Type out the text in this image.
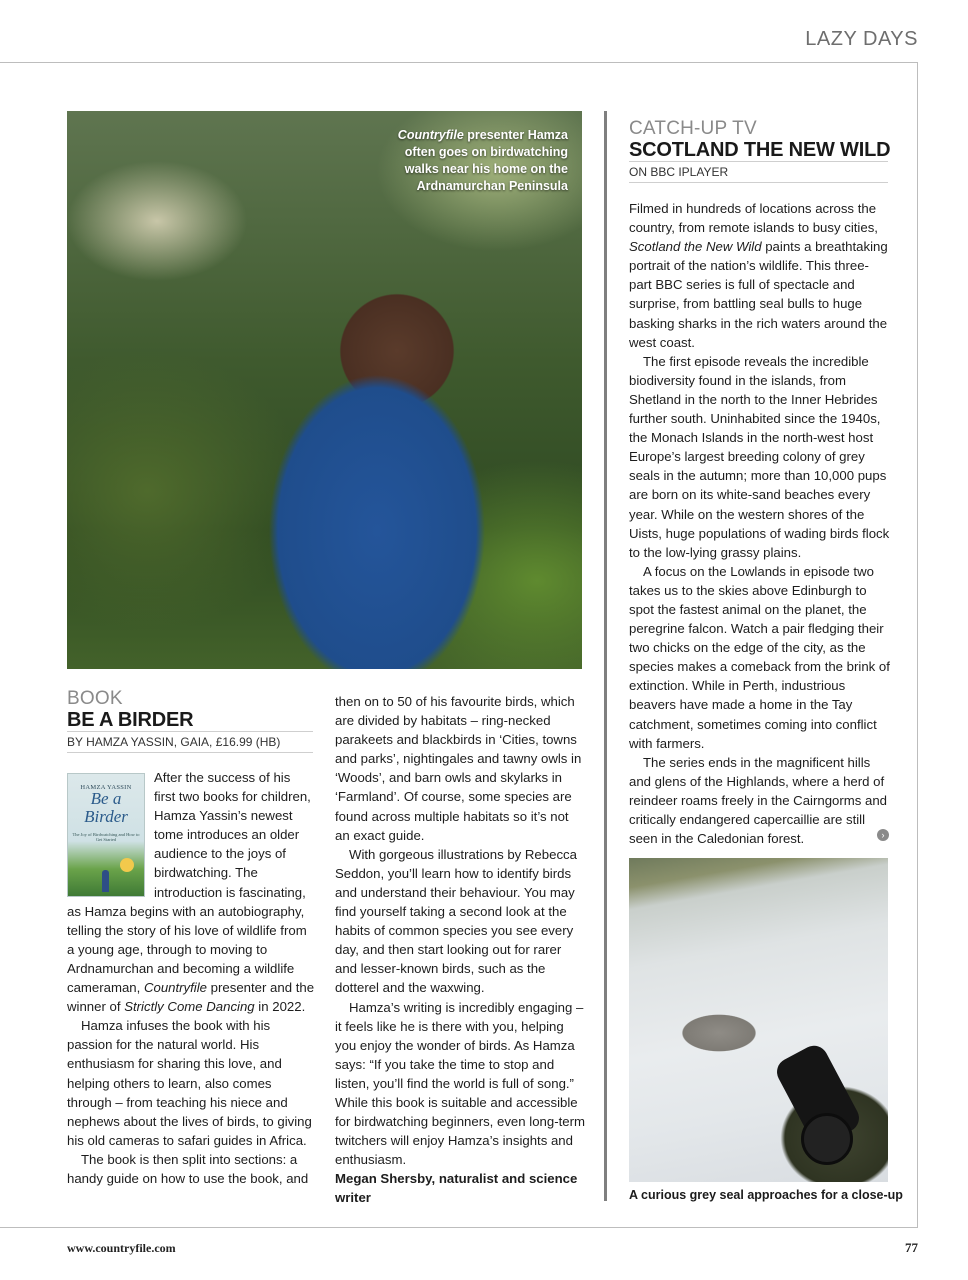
LAZY DAYS
Countryfile presenter Hamza often goes on birdwatching walks near his home on the Ardnamurchan Peninsula
BOOK
BE A BIRDER
BY HAMZA YASSIN, GAIA, £16.99 (HB)
HAMZA YASSIN
Be a
Birder
The Joy of Birdwatching and How to Get Started

After the success of his first two books for children, Hamza Yassin’s newest tome introduces an older audience to the joys of birdwatching. The introduction is fascinating, as Hamza begins with an autobiography, telling the story of his love of wildlife from a young age, through to moving to Ardnamurchan and becoming a wildlife cameraman, Countryfile presenter and the winner of Strictly Come Dancing in 2022.

Hamza infuses the book with his passion for the natural world. His enthusiasm for sharing this love, and helping others to learn, also comes through – from teaching his niece and nephews about the lives of birds, to giving his old cameras to safari guides in Africa.

The book is then split into sections: a handy guide on how to use the book, and

then on to 50 of his favourite birds, which are divided by habitats – ring-necked parakeets and blackbirds in ‘Cities, towns and parks’, nightingales and tawny owls in ‘Woods’, and barn owls and skylarks in ‘Farmland’. Of course, some species are found across multiple habitats so it’s not an exact guide.

With gorgeous illustrations by Rebecca Seddon, you’ll learn how to identify birds and understand their behaviour. You may find yourself taking a second look at the habits of common species you see every day, and then start looking out for rarer and lesser-known birds, such as the dotterel and the waxwing.

Hamza’s writing is incredibly engaging – it feels like he is there with you, helping you enjoy the wonder of birds. As Hamza says: “If you take the time to stop and listen, you’ll find the world is full of song.” While this book is suitable and accessible for birdwatching beginners, even long-term twitchers will enjoy Hamza’s insights and enthusiasm.

Megan Shersby, naturalist and science writer

CATCH-UP TV
SCOTLAND THE NEW WILD
ON BBC IPLAYER

Filmed in hundreds of locations across the country, from remote islands to busy cities, Scotland the New Wild paints a breathtaking portrait of the nation’s wildlife. This three-part BBC series is full of spectacle and surprise, from battling seal bulls to huge basking sharks in the rich waters around the west coast.

The first episode reveals the incredible biodiversity found in the islands, from Shetland in the north to the Inner Hebrides further south. Uninhabited since the 1940s, the Monach Islands in the north-west host Europe’s largest breeding colony of grey seals in the autumn; more than 10,000 pups are born on its white-sand beaches every year. While on the western shores of the Uists, huge populations of wading birds flock to the low-lying grassy plains.

A focus on the Lowlands in episode two takes us to the skies above Edinburgh to spot the fastest animal on the planet, the peregrine falcon. Watch a pair fledging their two chicks on the edge of the city, as the species makes a comeback from the brink of extinction. While in Perth, industrious beavers have made a home in the Tay catchment, sometimes coming into conflict with farmers.

The series ends in the magnificent hills and glens of the Highlands, where a herd of reindeer roams freely in the Cairngorms and critically endangered capercaillie are still seen in the Caledonian forest.	›
A curious grey seal approaches for a close-up
www.countryfile.com	77
